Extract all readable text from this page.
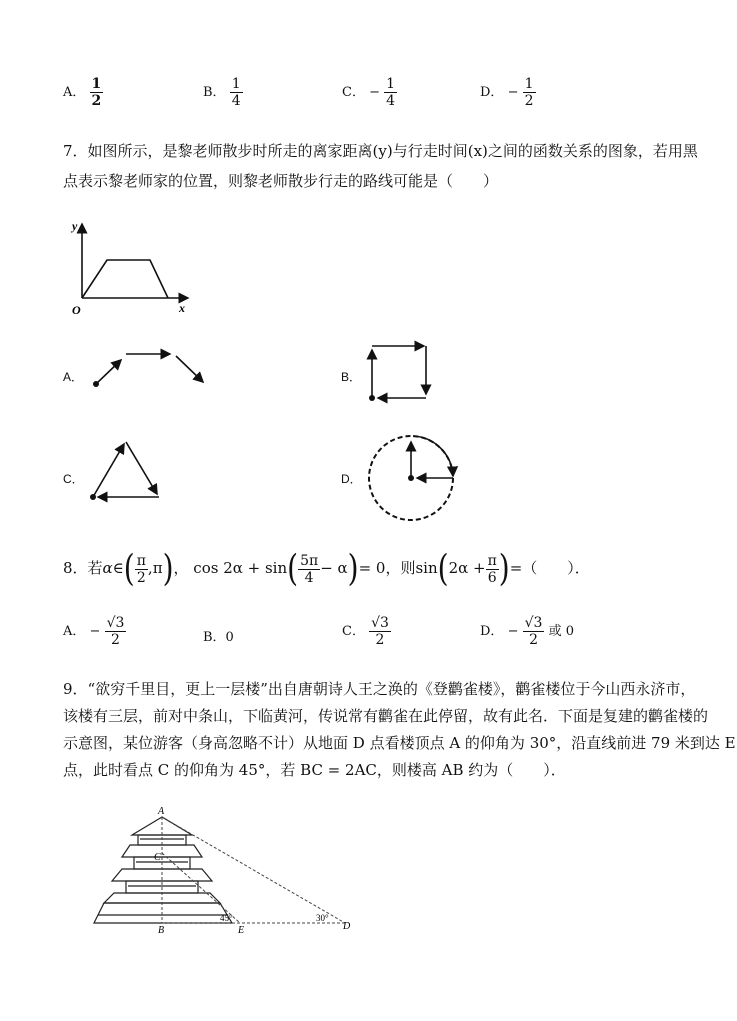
A． $\frac{1}{2}$	B． $\frac{1}{4}$	C． − $\frac{1}{4}$	D． − $\frac{1}{2}$
7．如图所示，是黎老师散步时所走的离家距离(y)与行走时间(x)之间的函数关系的图象，若用黑
点表示黎老师家的位置，则黎老师散步行走的路线可能是（　　）
y
x
O
A．	B．
C．	D．
8．若α∈( $\frac{\pi}{2} ,\pi$)， $\cos 2\alpha + \sin( \frac{5\pi}{4} - \alpha)= 0$，则$\sin(2\alpha + \frac{\pi}{6}$ )=（　　）．
A． − $\frac{√3}{2}$	B．0	C． $\frac{√3}{2}$	D． − $\frac{√3}{2}$ 或 0
9．“欲穷千里目，更上一层楼”出自唐朝诗人王之涣的《登鹳雀楼》，鹳雀楼位于今山西永济市，
该楼有三层，前对中条山，下临黄河，传说常有鹳雀在此停留，故有此名．下面是复建的鹳雀楼的
示意图，某位游客（身高忽略不计）从地面 D 点看楼顶点 A 的仰角为 30°，沿直线前进 79 米到达 E
点，此时看点 C 的仰角为 45°，若 BC = 2AC，则楼高 AB 约为（　　）．
A
C
B	E	D
45°	30°
